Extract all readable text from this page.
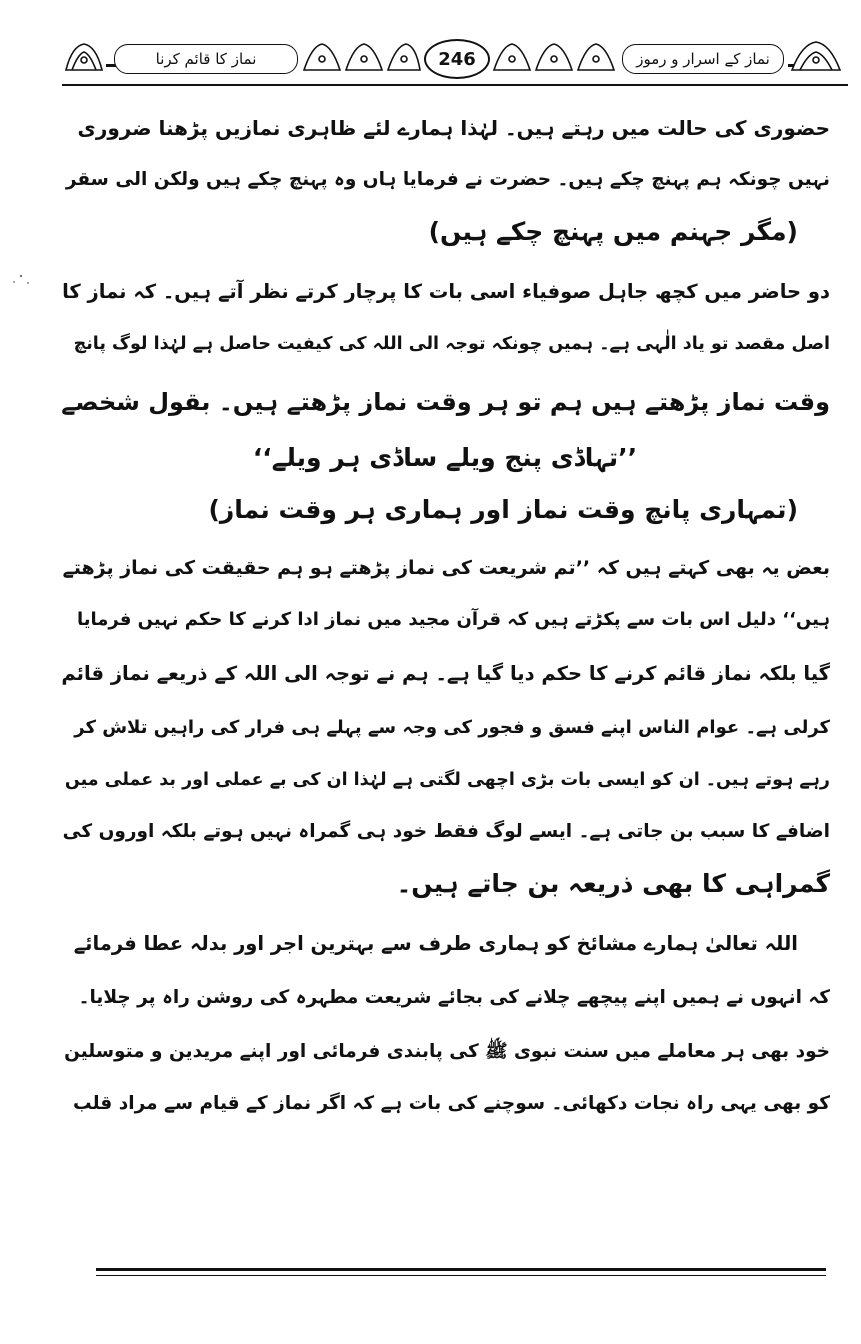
نماز کے اسرار و رموز
246
نماز کا قائم کرنا
حضوری کی حالت میں رہتے ہیں۔ لہٰذا ہمارے لئے ظاہری نمازیں پڑھنا ضروری
نہیں چونکہ ہم پہنچ چکے ہیں۔ حضرت نے فرمایا ہاں وہ پہنچ چکے ہیں ولکن الی سقر
(مگر جہنم میں پہنچ چکے ہیں)
دو حاضر میں کچھ جاہل صوفیاء اسی بات کا پرچار کرتے نظر آتے ہیں۔ کہ نماز کا
اصل مقصد تو یاد الٰہی ہے۔ ہمیں چونکہ توجہ الی اللہ کی کیفیت حاصل ہے لہٰذا لوگ پانچ
وقت نماز پڑھتے ہیں ہم تو ہر وقت نماز پڑھتے ہیں۔ بقول شخصے
’’تہاڈی پنج ویلے ساڈی ہر ویلے‘‘
(تمہاری پانچ وقت نماز اور ہماری ہر وقت نماز)
بعض یہ بھی کہتے ہیں کہ ’’تم شریعت کی نماز پڑھتے ہو ہم حقیقت کی نماز پڑھتے
ہیں‘‘ دلیل اس بات سے پکڑتے ہیں کہ قرآن مجید میں نماز ادا کرنے کا حکم نہیں فرمایا
گیا بلکہ نماز قائم کرنے کا حکم دیا گیا ہے۔ ہم نے توجہ الی اللہ کے ذریعے نماز قائم
کرلی ہے۔ عوام الناس اپنے فسق و فجور کی وجہ سے پہلے ہی فرار کی راہیں تلاش کر
رہے ہوتے ہیں۔ ان کو ایسی بات بڑی اچھی لگتی ہے لہٰذا ان کی بے عملی اور بد عملی میں
اضافے کا سبب بن جاتی ہے۔ ایسے لوگ فقط خود ہی گمراہ نہیں ہوتے بلکہ اوروں کی
گمراہی کا بھی ذریعہ بن جاتے ہیں۔
اللہ تعالیٰ ہمارے مشائخ کو ہماری طرف سے بہترین اجر اور بدلہ عطا فرمائے
کہ انہوں نے ہمیں اپنے پیچھے چلانے کی بجائے شریعت مطہرہ کی روشن راہ پر چلایا۔
خود بھی ہر معاملے میں سنت نبوی ﷺ کی پابندی فرمائی اور اپنے مریدین و متوسلین
کو بھی یہی راہ نجات دکھائی۔ سوچنے کی بات ہے کہ اگر نماز کے قیام سے مراد قلب
